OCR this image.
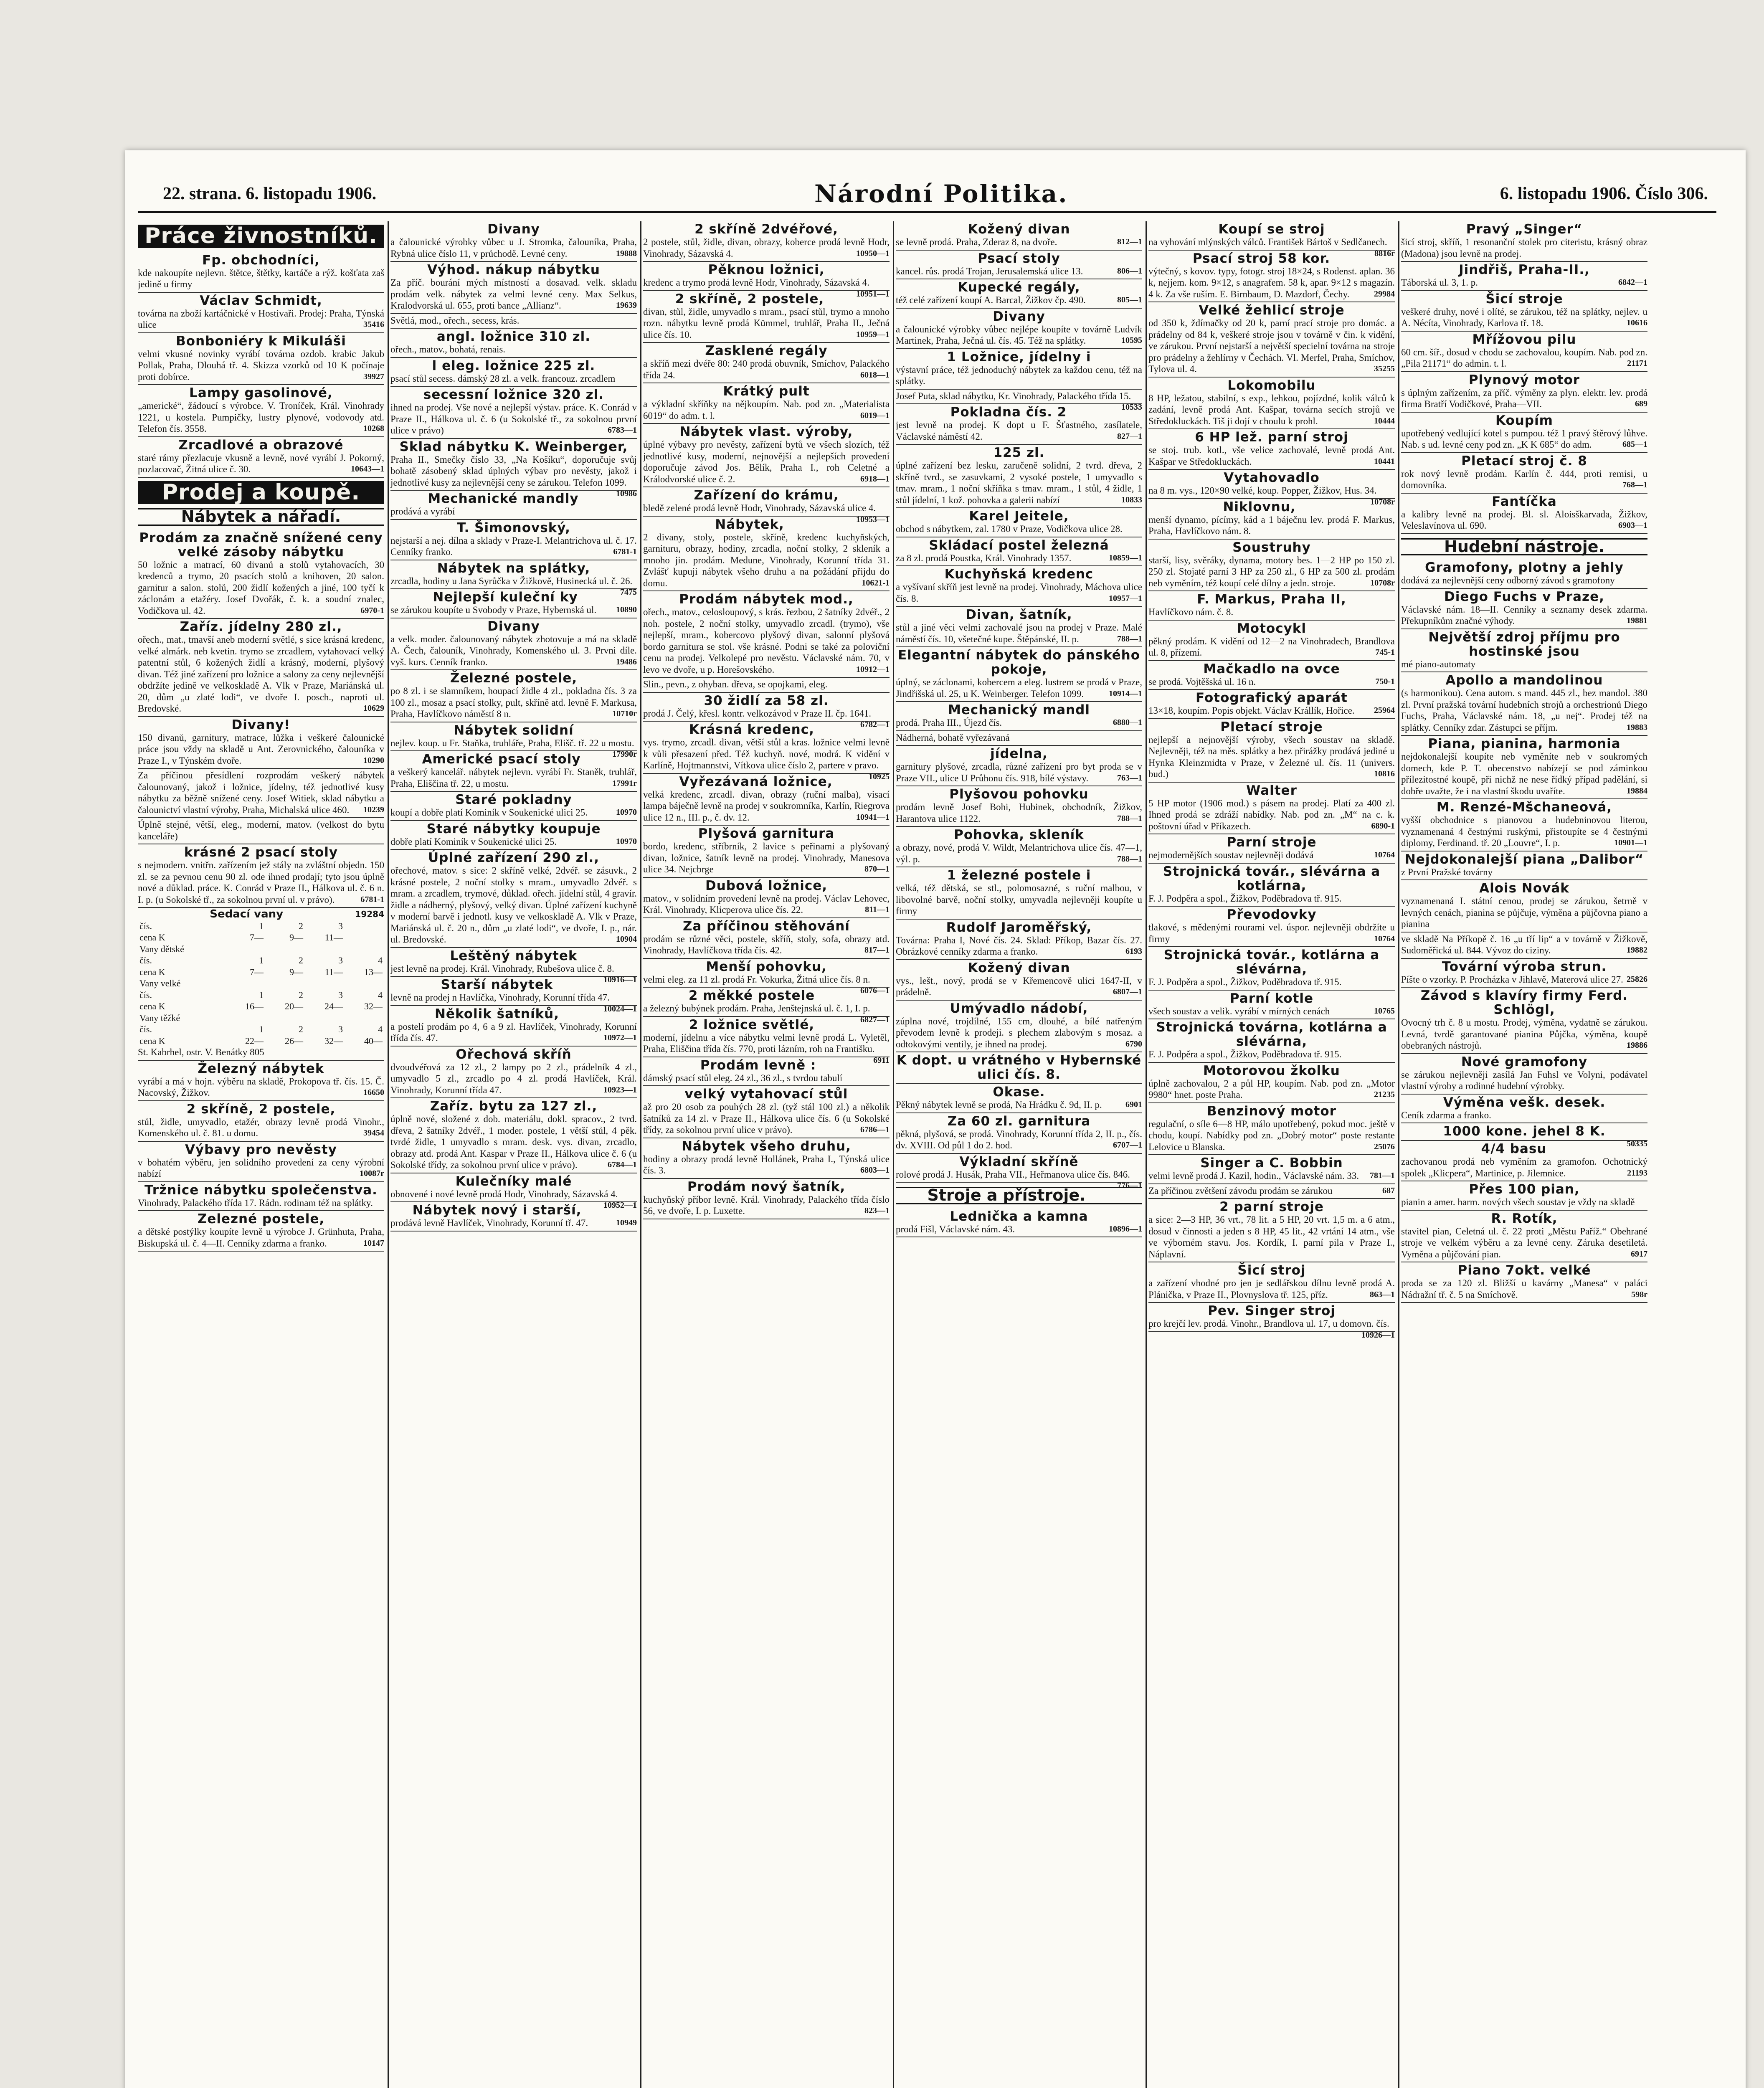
22. strana. 6. listopadu 1906.	Národní Politika.	6. listopadu 1906. Číslo 306.
Práce živnostníků.
Fp. obchodníci,

kde nakoupíte nejlevn. štětce, štětky, kartáče a rýž. košťata zaš jedině u firmy

Václav Schmidt,

továrna na zboží kartáčnické v Hostivaři. Prodej: Praha, Týnská ulice	35416

Bonboniéry k Mikuláši

velmi vkusné novinky vyrábí továrna ozdob. krabic Jakub Pollak, Praha, Dlouhá tř. 4. Skizza vzorků od 10 K počínaje proti dobírce.	39927

Lampy gasolinové,

„americké“, žádoucí s výrobce. V. Troníček, Král. Vinohrady 1221, u kostela. Pumpičky, lustry plynové, vodovody atd. Telefon čís. 3558.	10268

Zrcadlové a obrazové

staré rámy přezlacuje vkusně a levně, nové vyrábí J. Pokorný, pozlacovač, Žitná ulice č. 30.	10643—1

Prodej a koupě.
Nábytek a nářadí.
Prodám za značně snížené ceny velké zásoby nábytku

50 ložnic a matrací, 60 divanů a stolů vytahovacích, 30 kredenců a trymo, 20 psacích stolů a knihoven, 20 salon. garnitur a salon. stolů, 200 židlí kožených a jiné, 100 tyčí k záclonám a etažéry. Josef Dvořák, č. k. a soudní znalec, Vodičkova ul. 42.	6970-1

Zaříz. jídelny 280 zl.,

ořech., mat., tmavší aneb moderní světlé, s sice krásná kredenc, velké almárk. neb kvetin. trymo se zrcadlem, vytahovací velký patentní stůl, 6 kožených židlí a krásný, moderní, plyšový divan. Též jiné zařízení pro ložnice a salony za ceny nejlevnější obdržíte jedině ve velkoskladě A. Vlk v Praze, Mariánská ul. 20, dům „u zlaté lodi“, ve dvoře I. posch., naproti ul. Bredovské.	10629

Divany!

150 divanů, garnitury, matrace, lůžka i veškeré čalounické práce jsou vždy na skladě u Ant. Zerovnického, čalouníka v Praze I., v Týnském dvoře.	10290

Za příčinou přesídlení rozprodám veškerý nábytek čalounovaný, jakož i ložnice, jídelny, též jednotlivé kusy nábytku za běžně snížené ceny. Josef Witiek, sklad nábytku a čalounictví vlastní výroby, Praha, Michalská ulice 460. 10239

Úplně stejné, větší, eleg., moderní, matov. (velkost do bytu kanceláře)

krásné 2 psací stoly

s nejmodern. vnitřn. zařízením jež stály na zvláštní objedn. 150 zl. se za pevnou cenu 90 zl. ode ihned prodají; tyto jsou úplně nové a důklad. práce. K. Conrád v Praze II., Hálkova ul. č. 6 n. I. p. (u Sokolské tř., za sokolnou první ul. v právo).	6781-1

Sedací vany	19284
čís.	1	2	3	
cena K	7—	9—	11—	
Vany dětské				
čís.	1	2	3	4
cena K	7—	9—	11—	13—
Vany velké				
čís.	1	2	3	4
cena K	16—	20—	24—	32—
Vany těžké				
čís.	1	2	3	4
cena K	22—	26—	32—	40—

St. Kabrhel, ostr. V. Benátky 805

Železný nábytek

vyrábí a má v hojn. výběru na skladě, Prokopova tř. čís. 15. Č. Nacovský, Žižkov.	16650

2 skříně, 2 postele,

stůl, židle, umyvadlo, etažér, obrazy levně prodá Vinohr., Komenského ul. č. 81. u domu.	39454

Výbavy pro nevěsty

v bohatém výběru, jen solidního provedení za ceny výrobní nabízí	10087r

Tržnice nábytku společenstva.

Vinohrady, Palackého třída 17. Rádn. rodinam též na splátky.

Zelezné postele,

a dětské postýlky koupíte levně u výrobce J. Grünhuta, Praha, Biskupská ul. č. 4—II. Cenníky zdarma a franko.	10147

Divany

a čalounické výrobky vůbec u J. Stromka, čalouníka, Praha, Rybná ulice číslo 11, v průchodě. Levné ceny.	19888

Výhod. nákup nábytku

Za příč. bourání mých místností a dosavad. velk. skladu prodám velk. nábytek za velmi levné ceny. Max Selkus, Kralodvorská ul. 655, proti bance „Allianz“.	19639

Světlá, mod., ořech., secess, krás.

angl. ložnice 310 zl.

ořech., matov., bohatá, renais.

l eleg. ložnice 225 zl.

psací stůl secess. dámský 28 zl. a velk. francouz. zrcadlem

secessní ložnice 320 zl.

ihned na prodej. Vše nové a nejlepší výstav. práce. K. Conrád v Praze II., Hálkova ul. č. 6 (u Sokolské tř., za sokolnou první ulice v právo)	6783—1

Sklad nábytku K. Weinberger,

Praha II., Smečky číslo 33, „Na Košíku“, doporučuje svůj bohatě zásobený sklad úplných výbav pro nevěsty, jakož i jednotlivé kusy za nejlevnější ceny se zárukou. Telefon 1099.
10986

Mechanické mandly

prodává a vyrábí

T. Šimonovský,

nejstarší a nej. dílna a sklady v Praze-I. Melantrichova ul. č. 17. Cenníky franko.	6781-1

Nábytek na splátky,

zrcadla, hodiny u Jana Syrůčka v Žižkově, Husinecká ul. č. 26.
7475

Nejlepší kuleční ky

se zárukou koupíte u Svobody v Praze, Hybernská ul. 10890

Divany

a velk. moder. čalounovaný nábytek zhotovuje a má na skladě A. Čech, čalouník, Vinohrady, Komenského ul. 3. Prvni díle. vyš. kurs. Cenník franko.	19486

Železné postele,

po 8 zl. i se slamníkem, houpací židle 4 zl., pokladna čís. 3 za 100 zl., mosaz a psací stolky, pult, skříně atd. levně F. Markusa, Praha, Havlíčkovo náměstí 8 n.	10710r

Nábytek solidní

nejlev. koup. u Fr. Staňka, truhláře, Praha, Elišč. tř. 22 u mostu.
17990r

Americké psací stoly

a veškerý kancelář. nábytek nejlevn. vyrábí Fr. Staněk, truhlář, Praha, Eliščina tř. 22, u mostu.	17991r

Staré pokladny

koupí a dobře platí Kominík v Soukenické ulici 25.	10970

Staré nábytky koupuje

dobře platí Kominík v Soukenické ulici 25.	10970

Úplné zařízení 290 zl.,

ořechové, matov. s sice: 2 skříně velké, 2dvéř. se zásuvk., 2 krásné postele, 2 noční stolky s mram., umyvadlo 2dvéř. s mram. a zrcadlem, trymové, důklad. ořech. jídelní stůl, 4 gravír. židle a nádherný, plyšový, velký divan. Úplné zařízení kuchyně v moderní barvě i jednotl. kusy ve velkoskladě A. Vlk v Praze, Mariánská ul. č. 20 n., dům „u zlaté lodi“, ve dvoře, I. p., nár. ul. Bredovské.	10904

Leštěný nábytek

jest levně na prodej. Král. Vinohrady, Rubešova ulice č. 8.
10916—1

Starší nábytek

levně na prodej n Havlíčka, Vinohrady, Korunní třída 47.
10024—1

Několik šatníků,

a postelí prodám po 4, 6 a 9 zl. Havlíček, Vinohrady, Korunní třída čís. 47.	10972—1

Ořechová skříň

dvoudvéřová za 12 zl., 2 lampy po 2 zl., prádelník 4 zl., umyvadlo 5 zl., zrcadlo po 4 zl. prodá Havlíček, Král. Vinohrady, Korunní třída 47.	10923—1

Zaříz. bytu za 127 zl.,

úplně nové, složené z dob. materiálu, dokl. spracov., 2 tvrd. dřeva, 2 šatníky 2dvéř., 1 moder. postele, 1 větší stůl, 4 pěk. tvrdé židle, 1 umyvadlo s mram. desk. vys. divan, zrcadlo, obrazy atd. prodá Ant. Kaspar v Praze II., Hálkova ulice č. 6 (u Sokolské třídy, za sokolnou první ulice v právo).	6784—1

Kulečníky malé

obnovené i nové levně prodá Hodr, Vinohrady, Sázavská 4.
10952—1

Nábytek nový i starší,

prodává levně Havlíček, Vinohrady, Korunní tř. 47.	10949

2 skříně 2dvéřové,

2 postele, stůl, židle, divan, obrazy, koberce prodá levně Hodr, Vinohrady, Sázavská 4.	10950—1

Pěknou ložnici,

kredenc a trymo prodá levně Hodr, Vinohrady, Sázavská 4.
10951—1

2 skříně, 2 postele,

divan, stůl, židle, umyvadlo s mram., psací stůl, trymo a mnoho rozn. nábytku levně prodá Kümmel, truhlář, Praha II., Ječná ulice čís. 10.	10959—1

Zasklené regály

a skříň mezi dvéře 80: 240 prodá obuvník, Smíchov, Palackého třída 24.	6018—1

Krátký pult

a výkladní skříňky na nějkoupím. Nab. pod zn. „Materialista 6019“ do adm. t. l.	6019—1

Nábytek vlast. výroby,

úplné výbavy pro nevěsty, zařízení bytů ve všech slozích, též jednotlivé kusy, moderní, nejnovější a nejlepších provedení doporučuje závod Jos. Bělík, Praha I., roh Celetné a Králodvorské ulice č. 2.	6918—1

Zařízení do krámu,

bledě zelené prodá levně Hodr, Vinohrady, Sázavská ulice 4.
10953—1

Nábytek,

2 divany, stoly, postele, skříně, kredenc kuchyňských, garnituru, obrazy, hodiny, zrcadla, noční stolky, 2 skleník a mnoho jin. prodám. Medune, Vinohrady, Korunní třída 31. Zvlášť kupuji nábytek všeho druhu a na požádání přijdu do domu.	10621-1

Prodám nábytek mod.,

ořech., matov., celosloupový, s krás. řezbou, 2 šatníky 2dvéř., 2 noh. postele, 2 noční stolky, umyvadlo zrcadl. (trymo), vše nejlepší, mram., kobercovo plyšový divan, salonní plyšová bordo garnitura se stol. vše krásné. Podni se také za poloviční cenu na prodej. Velkolepé pro nevěstu. Václavské nám. 70, v levo ve dvoře, u p. Horešovského.	10912—1

Slin., pevn., z ohyban. dřeva, se opojkami, eleg.

30 židlí za 58 zl.

prodá J. Čelý, křesl. kontr. velkozávod v Praze II. čp. 1641.
6782—1

Krásná kredenc,

vys. trymo, zrcadl. divan, větší stůl a kras. ložnice velmi levně k vůli přesazení před. Též kuchyň. nové, modrá. K vidění v Karlíně, Hojtmannstvi, Vítkova ulice číslo 2, partere v pravo.
10925

Vyřezávaná ložnice,

velká kredenc, zrcadl. divan, obrazy (ruční malba), visací lampa báječně levně na prodej v soukromníka, Karlín, Riegrova ulice 12 n., III. p., č. dv. 12.	10941—1

Plyšová garnitura

bordo, kredenc, stříbrník, 2 lavice s peřinami a plyšovaný divan, ložnice, šatník levně na prodej. Vinohrady, Manesova ulice 34. Nejcbrge	870—1

Dubová ložnice,

matov., v solidním provedení levně na prodej. Václav Lehovec, Král. Vinohrady, Klicperova ulice čís. 22.	811—1

Za příčinou stěhování

prodám se různé věci, postele, skříň, stoly, sofa, obrazy atd. Vinohrady, Havlíčkova třída čís. 42.	817—1

Menší pohovku,

velmi eleg. za 11 zl. prodá Fr. Vokurka, Žitná ulice čís. 8 n.
6076—1

2 měkké postele

a železný bubýnek prodám. Praha, Jenštejnská ul. č. 1, I. p.
6827—1

2 ložnice světlé,

moderní, jídelnu a více nábytku velmi levně prodá L. Vyletěl, Praha, Eliščina třída čís. 770, proti lázním, roh na Františku.
6911

Prodám levně :

dámský psací stůl eleg. 24 zl., 36 zl., s tvrdou tabulí

velký vytahovací stůl

až pro 20 osob za pouhých 28 zl. (tyž stál 100 zl.) a několik šatníků za 14 zl. v Praze II., Hálkova ulice čís. 6 (u Sokolské třídy, za sokolnou první ulice v právo).	6786—1

Nábytek všeho druhu,

hodiny a obrazy prodá levně Hollánek, Praha I., Týnská ulice čís. 3.	6803—1

Prodám nový šatník,

kuchyňský příbor levně. Král. Vinohrady, Palackého třída číslo 56, ve dvoře, I. p. Luxette.	823—1

Kožený divan

se levně prodá. Praha, Zderaz 8, na dvoře.	812—1

Psací stoly

kancel. růs. prodá Trojan, Jerusalemská ulice 13.	806—1

Kupecké regály,

též celé zařízení koupí A. Barcal, Žižkov čp. 490.	805—1

Divany

a čalounické výrobky vůbec nejlépe koupíte v továrně Ludvík Martinek, Praha, Ječná ul. čís. 45. Též na splátky.	10595

1 Ložnice, jídelny i

výstavní práce, též jednoduchý nábytek za každou cenu, též na splátky.

Josef Puta, sklad nábytku, Kr. Vinohrady, Palackého třída 15.
10533

Pokladna čís. 2

jest levně na prodej. K dopt u F. Šťastného, zasílatele, Václavské náměstí 42.	827—1

125 zl.

úplné zařízení bez lesku, zaručeně solidní, 2 tvrd. dřeva, 2 skříně tvrd., se zasuvkami, 2 vysoké postele, 1 umyvadlo s tmav. mram., 1 noční skříňka s tmav. mram., 1 stůl, 4 židle, 1 stůl jídelní, 1 kož. pohovka a galerii nabízí	10833

Karel Jeitele,

obchod s nábytkem, zal. 1780 v Praze, Vodičkova ulice 28.

Skládací postel železná

za 8 zl. prodá Poustka, Král. Vinohrady 1357.	10859—1

Kuchyňská kredenc

a vyšívaní skříň jest levně na prodej. Vinohrady, Máchova ulice čís. 8.	10957—1

Divan, šatník,

stůl a jiné věci velmi zachovalé jsou na prodej v Praze. Malé náměstí čís. 10, všetečné kupe. Štěpánské, II. p.	788—1

Elegantní nábytek do pánského pokoje,

úplný, se záclonami, kobercem a eleg. lustrem se prodá v Praze, Jindřišská ul. 25, u K. Weinberger. Telefon 1099.	10914—1

Mechanický mandl

prodá. Praha III., Újezd čís.	6880—1

Nádherná, bohatě vyřezávaná

jídelna,

garnitury plyšové, zrcadla, různé zařízení pro byt proda se v Praze VII., ulice U Průhonu čís. 918, bílé výstavy.	763—1

Plyšovou pohovku

prodám levně Josef Bohi, Hubinek, obchodník, Žižkov, Harantova ulice 1122.	788—1

Pohovka, skleník

a obrazy, nové, prodá V. Wildt, Melantrichova ulice čís. 47—1, výl. p.	788—1

1 železné postele i

velká, též dětská, se stl., polomosazné, s ruční malbou, v libovolné barvě, noční stolky, umyvadla nejlevněji koupíte u firmy

Rudolf Jaroměřský,

Továrna: Praha I, Nové čís. 24. Sklad: Příkop, Bazar čís. 27. Obrázkové cenníky zdarma a franko.	6193

Kožený divan

vys., lešt., nový, prodá se v Křemencově ulici 1647-II, v prádelně.	6807—1

Umývadlo nádobí,

zúplna nové, trojdílné, 155 cm, dlouhé, a bílé natřeným převodem levně k prodeji. s plechem zlabovým s mosaz. a odtokovými ventily, je ihned na prodej.	6790

K dopt. u vrátného v Hybernské ulici čís. 8.
Okase.

Pěkný nábytek levně se prodá, Na Hrádku č. 9d, II. p.	6901

Za 60 zl. garnitura

pěkná, plyšová, se prodá. Vinohrady, Korunní třída 2, II. p., čís. dv. XVIII. Od půl 1 do 2. hod.	6707—1

Výkladní skříně

rolové prodá J. Husák, Praha VII., Heřmanova ulice čís. 846.
776—1

Stroje a přístroje.
Lednička a kamna

prodá Fišl, Václavské nám. 43.	10896—1

Koupí se stroj

na vyhování mlýnských válců. František Bártoš v Sedlčanech.
8816r

Psací stroj 58 kor.

výtečný, s kovov. typy, fotogr. stroj 18×24, s Rodenst. aplan. 36 k, nejjem. kom. 9×12, s anagrafem. 58 k, apar. 9×12 s magazín. 4 k. Za vše ruším. E. Birnbaum, D. Mazdorf, Čechy.	29984

Velké žehlicí stroje

od 350 k, ždímačky od 20 k, parní prací stroje pro domác. a prádelny od 84 k, veškeré stroje jsou v továrně v čin. k vidění, ve zárukou. První nejstarší a největší specielní továrna na stroje pro prádelny a žehlírny v Čechách. Vl. Merfel, Praha, Smíchov, Tylova ul. 4.	35255

Lokomobilu

8 HP, ležatou, stabilní, s exp., lehkou, pojízdné, kolik válců k zadání, levně prodá Ant. Kašpar, továrna secích strojů ve Středokluckách. Tiš ji dojí v choulu k prohl.	10444

6 HP lež. parní stroj

se stoj. trub. kotl., vše velice zachovalé, levně prodá Ant. Kašpar ve Středokluckách.	10441

Vytahovadlo

na 8 m. vys., 120×90 velké, koup. Popper, Žižkov, Hus. 34.
10708r

Niklovnu,

menší dynamo, pícímy, kád a 1 báječnu lev. prodá F. Markus, Praha, Havlíčkovo nám. 8.

Soustruhy

starší, lisy, svěráky, dynama, motory bes. 1—2 HP po 150 zl. 250 zl. Stojaté parní 3 HP za 250 zl., 6 HP za 500 zl. prodám neb vyměním, též koupí celé dílny a jedn. stroje.	10708r

F. Markus, Praha II,

Havlíčkovo nám. č. 8.

Motocykl

pěkný prodám. K vidění od 12—2 na Vinohradech, Brandlova ul. 8, přízemí.	745-1

Mačkadlo na ovce

se prodá. Vojtěšská ul. 16 n.	750-1

Fotografický aparát

13×18, koupím. Popis objekt. Václav Krállík, Hořice. 25964

Pletací stroje

nejlepší a nejnovější výroby, všech soustav na skladě. Nejlevněji, též na měs. splátky a bez přirážky prodává jediné u Hynka Kleinzmidta v Praze, v Železné ul. čís. 11 (univers. bud.)	10816

Walter

5 HP motor (1906 mod.) s pásem na prodej. Platí za 400 zl. Ihned prodá se zdráží nabídky. Nab. pod zn. „M“ na c. k. poštovní úřad v Příkazech.	6890-1

Parní stroje

nejmodernějších soustav nejlevněji dodává	10764

Strojnická továr., slévárna a kotlárna,

F. J. Podpěra a spol., Žižkov, Poděbradova tř. 915.

Převodovky

tlakové, s mědenými rourami vel. úspor. nejlevněji obdržíte u firmy	10764

Strojnická továr., kotlárna a slévárna,

F. J. Podpěra a spol., Žižkov, Poděbradova tř. 915.

Parní kotle

všech soustav a velik. vyrábí v mírných cenách	10765

Strojnická továrna, kotlárna a slévárna,

F. J. Podpěra a spol., Žižkov, Poděbradova tř. 915.

Motorovou žkolku

úplně zachovalou, 2 a půl HP, koupím. Nab. pod zn. „Motor 9980“ hnet. poste Praha.	21235

Benzinový motor

regulační, o síle 6—8 HP, málo upotřebený, pokud moc. ještě v chodu, koupí. Nabídky pod zn. „Dobrý motor“ poste restante Lelovice u Blanska.	25076

Singer a C. Bobbin

velmi levně prodá J. Kazil, hodin., Václavské nám. 33. 781—1

Za příčinou zvětšení závodu prodám se zárukou	687

2 parní stroje

a sice: 2—3 HP, 36 vrt., 78 lit. a 5 HP, 20 vrt. 1,5 m. a 6 atm., dosud v činnosti a jeden s 8 HP, 45 lit., 42 vrtání 14 atm., vše ve výborném stavu. Jos. Kordík, I. parní pila v Praze I., Náplavní.

Šicí stroj

a zařízení vhodné pro jen je sedlářskou dílnu levně prodá A. Plánička, v Praze II., Plovnyslova tř. 125, příz.	863—1

Pev. Singer stroj

pro krejčí lev. prodá. Vinohr., Brandlova ul. 17, u domovn. čís.
10926—1

Pravý „Singer“

šicí stroj, skříň, 1 resonanční stolek pro citeristu, krásný obraz (Madona) jsou levně na prodej.

Jindřiš, Praha-II.,

Táborská ul. 3, 1. p.	6842—1

Šicí stroje

veškeré druhy, nové i olíté, se zárukou, též na splátky, nejlev. u A. Nécíta, Vinohrady, Karlova tř. 18.	10616

Mřížovou pilu

60 cm. šíř., dosud v chodu se zachovalou, koupím. Nab. pod zn. „Pila 21171“ do admin. t. l.	21171

Plynový motor

s úplným zařízením, za příč. výměny za plyn. elektr. lev. prodá firma Bratří Vodičkové, Praha—VII.	689

Koupím

upotřebený vedlující kotel s pumpou. též 1 pravý štěrový lůhve. Nab. s ud. levné ceny pod zn. „K K 685“ do adm.	685—1

Pletací stroj č. 8

rok nový levně prodám. Karlín č. 444, proti remisi, u domovníka.	768—1

Fantíčka

a kalibry levně na prodej. Bl. sl. Aloisškarvada, Žižkov, Veleslavínova ul. 690.	6903—1

Hudební nástroje.
Gramofony, plotny a jehly

dodává za nejlevnější ceny odborný závod s gramofony

Diego Fuchs v Praze,

Václavské nám. 18—II. Cenníky a seznamy desek zdarma. Překupníkům značné výhody.	19881

Největší zdroj příjmu pro hostinské jsou

mé piano-automaty

Apollo a mandolinou

(s harmonikou). Cena autom. s mand. 445 zl., bez mandol. 380 zl. První pražská tovární hudebních strojů a orchestrionů Diego Fuchs, Praha, Václavské nám. 18, „u nej“. Prodej též na splátky. Cenníky zdar. Zástupci se příjm.	19883

Piana, pianina, harmonia

nejdokonalejší koupíte neb vyměníte neb v soukromých domech, kde P. T. obecenstvo nabízejí se pod záminkou přílezitostné koupě, při nichž ne nese řídký případ padělání, si dobře uvažte, že i na vlastní škodu uvaříte.	19884

M. Renzé-Mšchaneová,

vyšší obchodnice s pianovou a hudebninovou literou, vyznamenaná 4 čestnými ruskými, přistoupíte se 4 čestnými diplomy, Ferdinand. tř. 20 „Louvre“, I. p.	10901—1

Nejdokonalejší piana „Dalibor“

z První Pražské továrny

Alois Novák

vyznamenaná I. státní cenou, prodej se zárukou, šetrně v levných cenách, pianina se půjčuje, výměna a půjčovna piano a pianina

ve skladě Na Příkopě č. 16 „u tří lip“ a v továrně v Žižkově, Sudoměřická ul. 844. Vývoz do ciziny.	19882

Tovární výroba strun.

Píšte o vzorky. P. Procházka v Jihlavě, Materová ulice 27. 25826

Závod s klavíry firmy Ferd. Schlögl,

Ovocný trh č. 8 u mostu. Prodej, výměna, vydatně se zárukou. Levná, tvrdě garantované pianina Půjčka, výměna, koupě obebraných nástrojů.	19886

Nové gramofony

se zárukou nejlevněji zasílá Jan Fuhsl ve Volyni, podávatel vlastní výroby a rodinné hudební výrobky.

Výměna vešk. desek.

Ceník zdarma a franko.

1000 kone. jehel 8 K.

50335

4/4 basu

zachovanou prodá neb vyměním za gramofon. Ochotnický spolek „Klicpera“, Martinice, p. Jilemnice.	21193

Přes 100 pian,

pianin a amer. harm. nových všech soustav je vždy na skladě

R. Rotík,

stavitel pian, Celetná ul. č. 22 proti „Městu Paříž.“ Obehrané stroje ve velkém výběru a za levné ceny. Záruka desetiletá. Vyměna a půjčování pian.	6917

Piano 7okt. velké

proda se za 120 zl. Bližší u kavárny „Manesa“ v paláci Nádražní tř. č. 5 na Smíchově.	598r
